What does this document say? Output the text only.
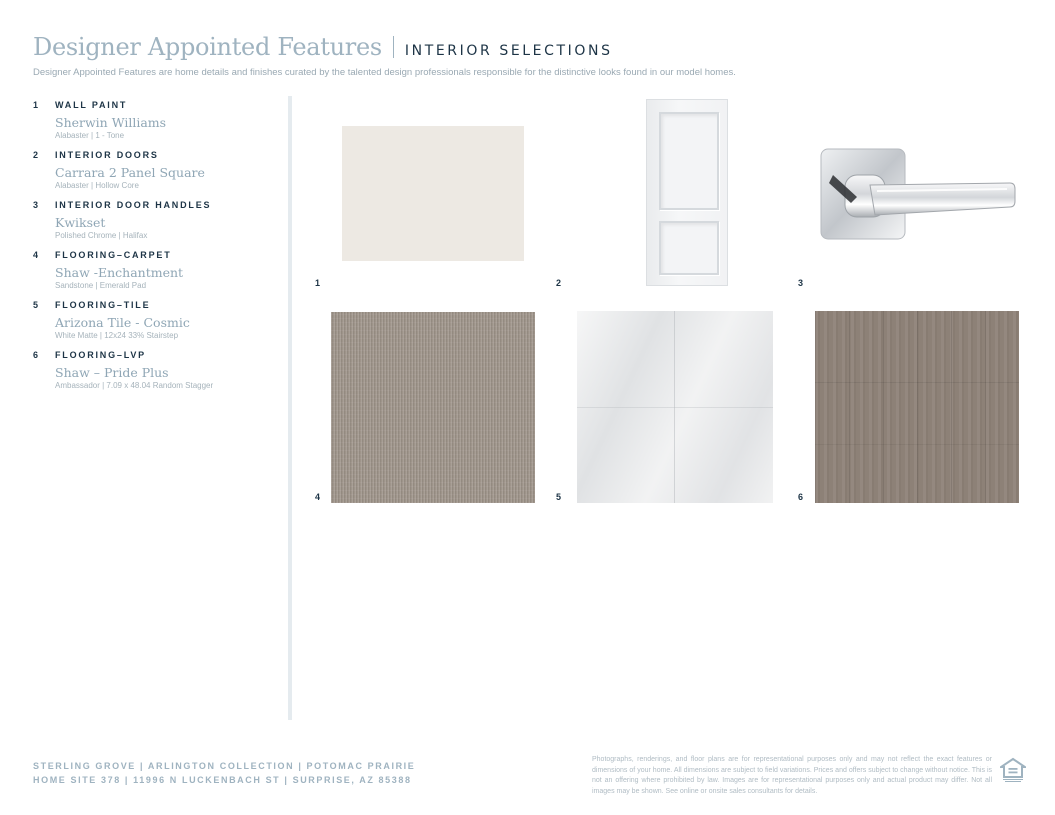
Designer Appointed Features INTERIOR SELECTIONS
Designer Appointed Features are home details and finishes curated by the talented design professionals responsible for the distinctive looks found in our model homes.
1	WALL PAINT
Sherwin Williams
Alabaster | 1 - Tone
2	INTERIOR DOORS
Carrara 2 Panel Square
Alabaster | Hollow Core
3	INTERIOR DOOR HANDLES
Kwikset
Polished Chrome | Halifax
4	FLOORING–CARPET
Shaw -Enchantment
Sandstone | Emerald Pad
5	FLOORING–TILE
Arizona Tile - Cosmic
White Matte | 12x24 33% Stairstep
6	FLOORING–LVP
Shaw – Pride Plus
Ambassador | 7.09 x 48.04 Random Stagger
1	2	3
4	5	6
STERLING GROVE | ARLINGTON COLLECTION | POTOMAC PRAIRIE
HOME SITE 378 | 11996 N LUCKENBACH ST | SURPRISE, AZ 85388
Photographs, renderings, and floor plans are for representational purposes only and may not reflect the exact features or dimensions of your home. All dimensions are subject to field variations. Prices and offers subject to change without notice. This is not an offering where prohibited by law. Images are for representational purposes only and actual product may differ. Not all images may be shown. See online or onsite sales consultants for details.
